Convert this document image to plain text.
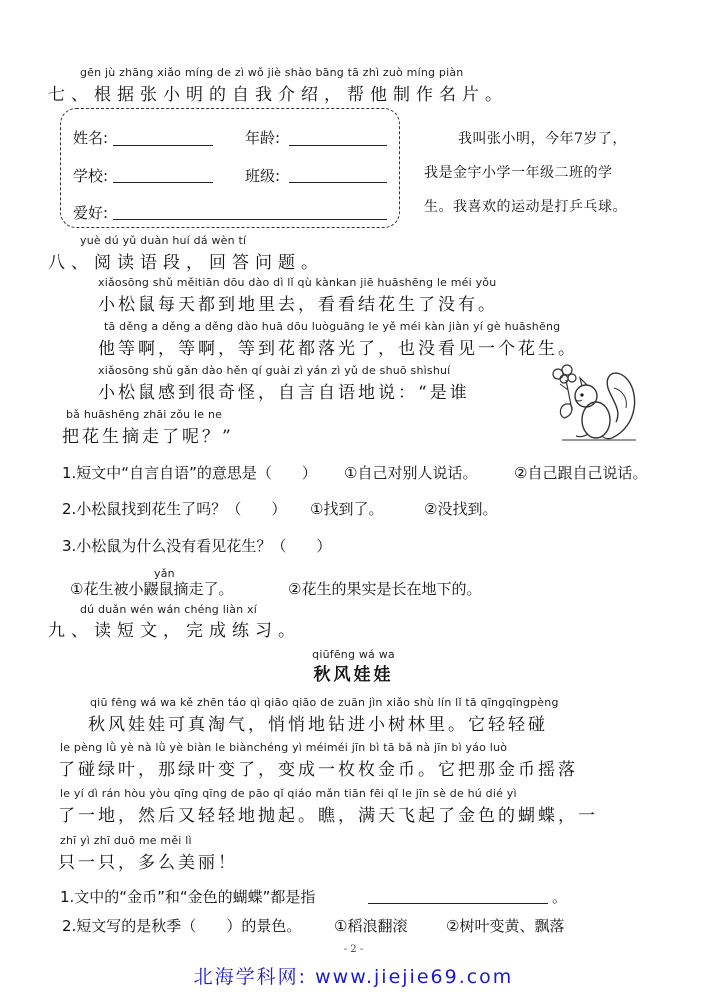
gēn jù zhāng xiǎo míng de zì wǒ jiè shào bāng tā zhì zuò míng piàn
七、根据张小明的自我介绍，帮他制作名片。
姓名:	年龄:
学校:	班级:
爱好:
我叫张小明，今年7岁了，
我是金宇小学一年级二班的学
生。我喜欢的运动是打乒乓球。
yuè dú yǔ duàn huí dá wèn tí
八、阅读语段，回答问题。
xiǎosōng shǔ měitiān dōu dào dì lǐ qù kànkan jiē huāshēng le méi yǒu
小松鼠每天都到地里去，看看结花生了没有。
tā děng a děng a děng dào huā dōu luòguāng le yě méi kàn jiàn yí gè huāshēng
他等啊，等啊，等到花都落光了，也没看见一个花生。
xiǎosōng shǔ gǎn dào hěn qí guài zì yán zì yǔ de shuō shìshuí
小松鼠感到很奇怪，自言自语地说：“是谁
bǎ huāshēng zhāi zǒu le ne
把花生摘走了呢？”
1.短文中“自言自语”的意思是（　　） ①自己对别人说话。 ②自己跟自己说话。
2.小松鼠找到花生了吗？（　　） ①找到了。	②没找到。
3.小松鼠为什么没有看见花生？（　　）
yǎn
①花生被小鼹鼠摘走了。	②花生的果实是长在地下的。
dú duǎn wén wán chéng liàn xí
九、读短文，完成练习。
qiūfēng wá wa
秋风娃娃
qiū fēng wá wa kě zhēn táo qì qiāo qiāo de zuān jìn xiǎo shù lín lǐ tā qīngqīngpèng
秋风娃娃可真淘气，悄悄地钻进小树林里。它轻轻碰
le pèng lǜ yè nà lǜ yè biàn le biànchéng yì méiméi jīn bì tā bǎ nà jīn bì yáo luò
了碰绿叶，那绿叶变了，变成一枚枚金币。它把那金币摇落
le yí dì rán hòu yòu qīng qīng de pāo qǐ qiáo mǎn tiān fēi qǐ le jīn sè de hú dié yì
了一地，然后又轻轻地抛起。瞧，满天飞起了金色的蝴蝶，一
zhī yì zhī duō me měi lì
只一只，多么美丽！
1.文中的“金币”和“金色的蝴蝶”都是指	。
2.短文写的是秋季（　　）的景色。 ①稻浪翻滚	②树叶变黄、飘落
- 2 -
北海学科网: www.jiejie69.com
